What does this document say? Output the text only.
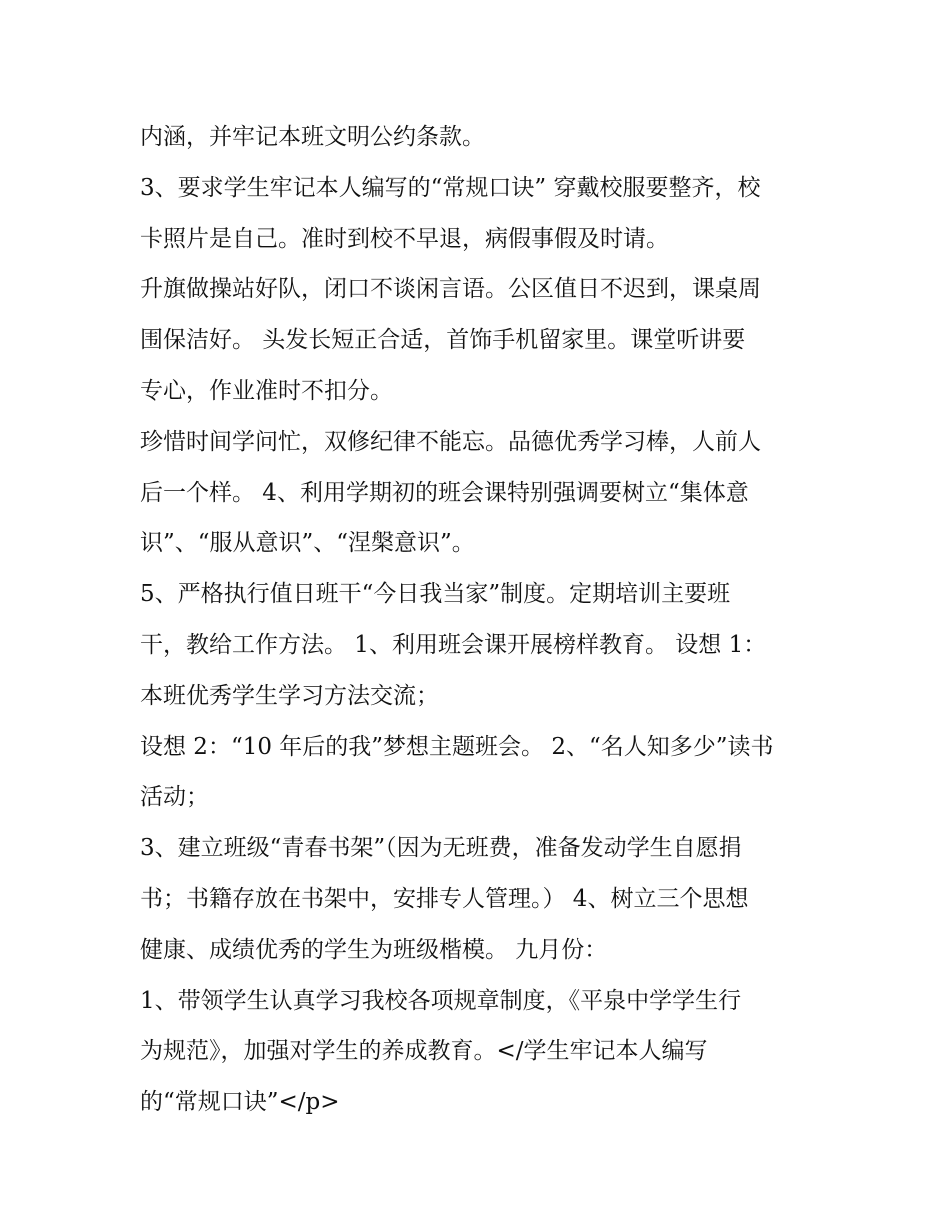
内涵，并牢记本班文明公约条款。
3、要求学生牢记本人编写的“常规口诀” 穿戴校服要整齐，校
卡照片是自己。准时到校不早退，病假事假及时请。
升旗做操站好队，闭口不谈闲言语。公区值日不迟到，课桌周
围保洁好。 头发长短正合适，首饰手机留家里。课堂听讲要
专心，作业准时不扣分。
珍惜时间学问忙，双修纪律不能忘。品德优秀学习棒，人前人
后一个样。 4、利用学期初的班会课特别强调要树立“集体意
识”、“服从意识”、“涅槃意识”。
5、严格执行值日班干“今日我当家”制度。定期培训主要班
干，教给工作方法。 1、利用班会课开展榜样教育。 设想 1：
本班优秀学生学习方法交流；
设想 2：“10 年后的我”梦想主题班会。 2、“名人知多少”读书
活动；
3、建立班级“青春书架”（因为无班费，准备发动学生自愿捐
书；书籍存放在书架中，安排专人管理。） 4、树立三个思想
健康、成绩优秀的学生为班级楷模。 九月份：
1、带领学生认真学习我校各项规章制度，《平泉中学学生行
为规范》，加强对学生的养成教育。</学生牢记本人编写
的“常规口诀”</p>
